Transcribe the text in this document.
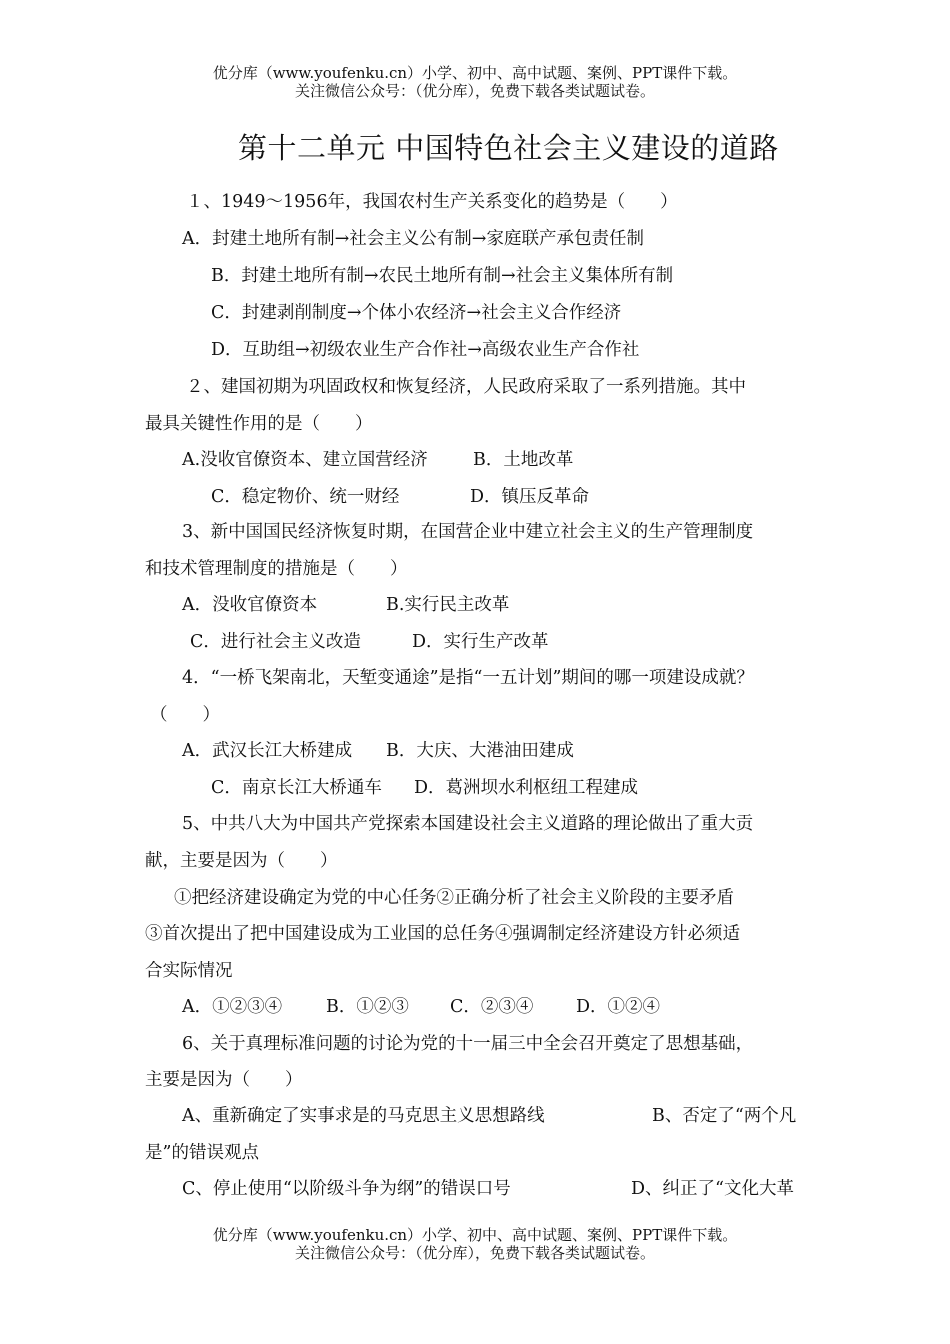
优分库（www.youfenku.cn）小学、初中、高中试题、案例、PPT课件下载。
关注微信公众号：（优分库），免费下载各类试题试卷。
第十二单元 中国特色社会主义建设的道路
１、1949～1956年，我国农村生产关系变化的趋势是（　　）
A．封建土地所有制→社会主义公有制→家庭联产承包责任制
B．封建土地所有制→农民土地所有制→社会主义集体所有制
C．封建剥削制度→个体小农经济→社会主义合作经济
D．互助组→初级农业生产合作社→高级农业生产合作社
２、建国初期为巩固政权和恢复经济，人民政府采取了一系列措施。其中
最具关键性作用的是（　　）
A.没收官僚资本、建立国营经济	B．土地改革
C．稳定物价、统一财经	D．镇压反革命
3、新中国国民经济恢复时期，在国营企业中建立社会主义的生产管理制度
和技术管理制度的措施是（　　）
A．没收官僚资本	B.实行民主改革
C．进行社会主义改造	D．实行生产改革
4．“一桥飞架南北，天堑变通途”是指“一五计划”期间的哪一项建设成就？
（　　）
A．武汉长江大桥建成 B．大庆、大港油田建成
C．南京长江大桥通车 D．葛洲坝水利枢纽工程建成
5、中共八大为中国共产党探索本国建设社会主义道路的理论做出了重大贡
献，主要是因为（　　）
①把经济建设确定为党的中心任务②正确分析了社会主义阶段的主要矛盾
③首次提出了把中国建设成为工业国的总任务④强调制定经济建设方针必须适
合实际情况
A．①②③④	B．①②③ C．②③④ D．①②④
6、关于真理标准问题的讨论为党的十一届三中全会召开奠定了思想基础，
主要是因为（　　）
A、重新确定了实事求是的马克思主义思想路线	B、否定了“两个凡
是”的错误观点
C、停止使用“以阶级斗争为纲”的错误口号	D、纠正了“文化大革
优分库（www.youfenku.cn）小学、初中、高中试题、案例、PPT课件下载。
关注微信公众号：（优分库），免费下载各类试题试卷。
